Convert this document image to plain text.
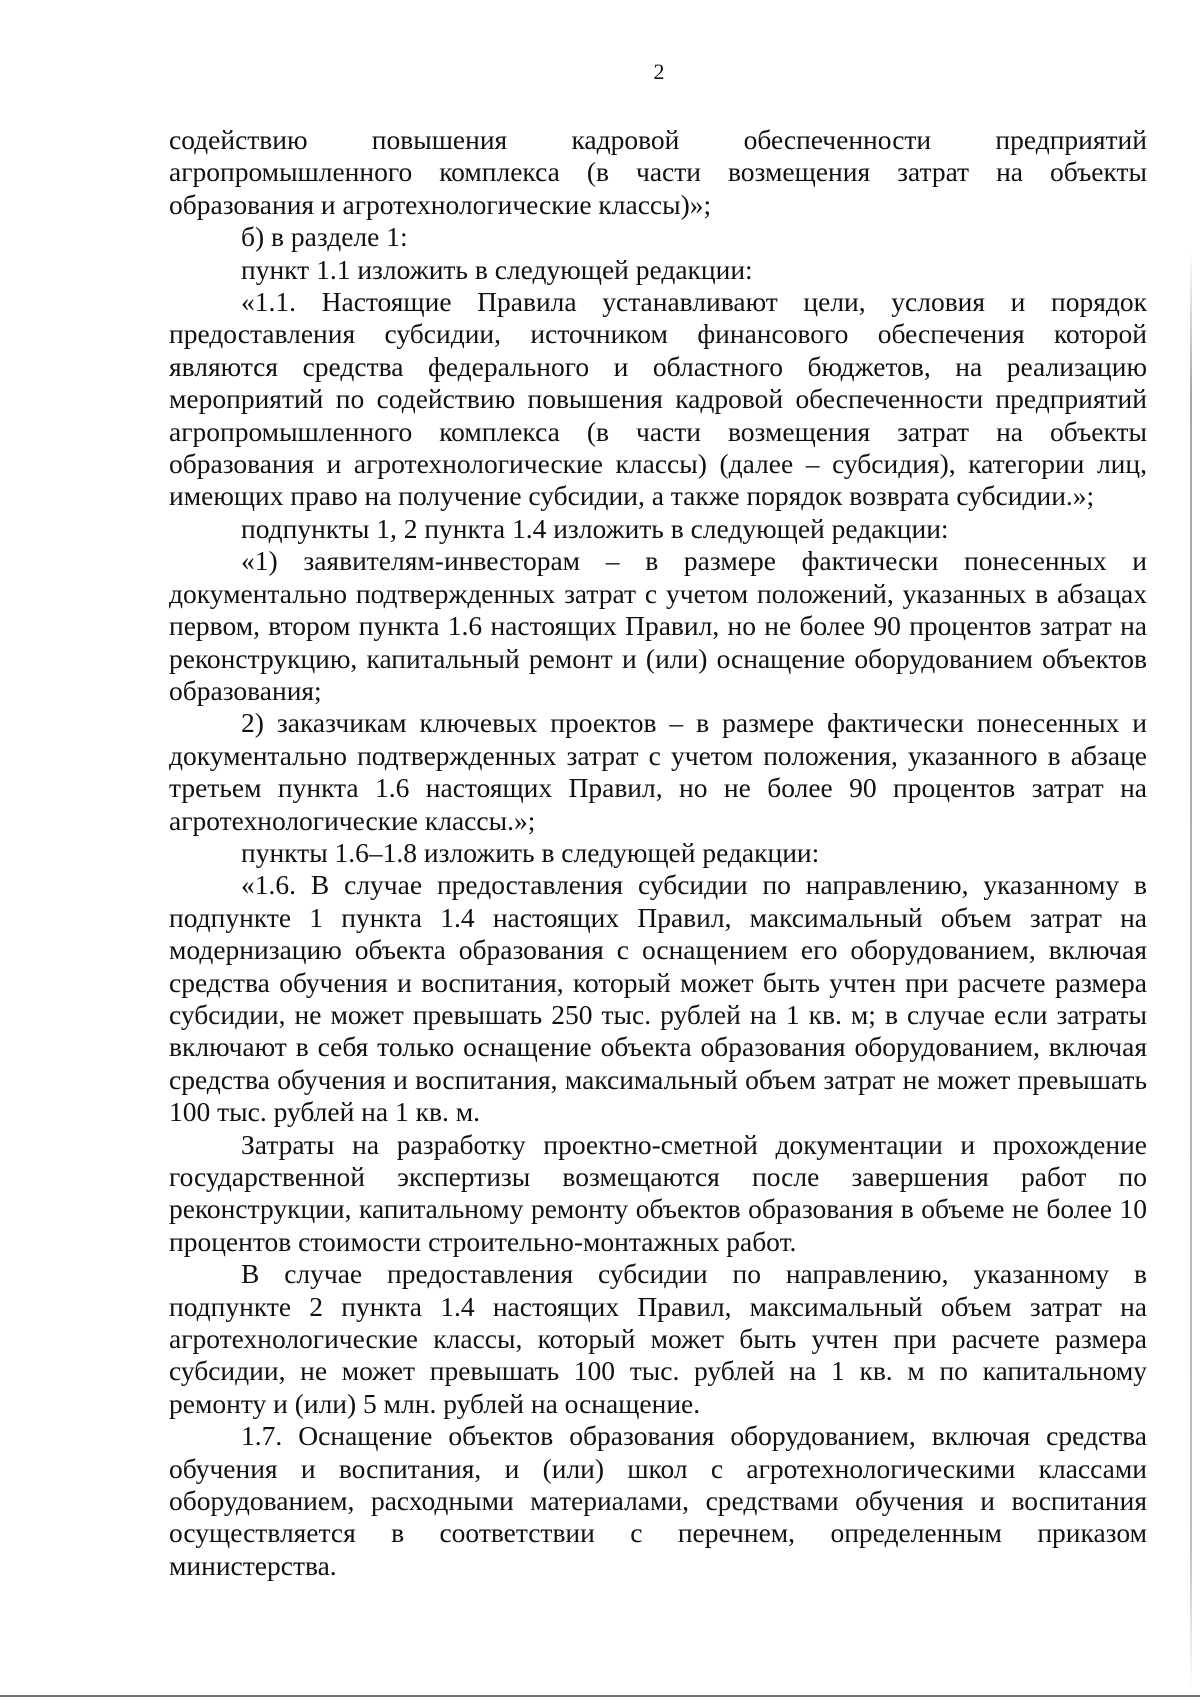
2

содействию повышения кадровой обеспеченности предприятий агропромышленного комплекса (в части возмещения затрат на объекты образования и агротехнологические классы)»;

б) в разделе 1:

пункт 1.1 изложить в следующей редакции:

«1.1. Настоящие Правила устанавливают цели, условия и порядок предоставления субсидии, источником финансового обеспечения которой являются средства федерального и областного бюджетов, на реализацию мероприятий по содействию повышения кадровой обеспеченности предприятий агропромышленного комплекса (в части возмещения затрат на объекты образования и агротехнологические классы) (далее – субсидия), категории лиц, имеющих право на получение субсидии, а также порядок возврата субсидии.»;

подпункты 1, 2 пункта 1.4 изложить в следующей редакции:

«1) заявителям-инвесторам – в размере фактически понесенных и документально подтвержденных затрат с учетом положений, указанных в абзацах первом, втором пункта 1.6 настоящих Правил, но не более 90 процентов затрат на реконструкцию, капитальный ремонт и (или) оснащение оборудованием объектов образования;

2) заказчикам ключевых проектов – в размере фактически понесенных и документально подтвержденных затрат с учетом положения, указанного в абзаце третьем пункта 1.6 настоящих Правил, но не более 90 процентов затрат на агротехнологические классы.»;

пункты 1.6–1.8 изложить в следующей редакции:

«1.6. В случае предоставления субсидии по направлению, указанному в подпункте 1 пункта 1.4 настоящих Правил, максимальный объем затрат на модернизацию объекта образования с оснащением его оборудованием, включая средства обучения и воспитания, который может быть учтен при расчете размера субсидии, не может превышать 250 тыс. рублей на 1 кв. м; в случае если затраты включают в себя только оснащение объекта образования оборудованием, включая средства обучения и воспитания, максимальный объем затрат не может превышать 100 тыс. рублей на 1 кв. м.

Затраты на разработку проектно-сметной документации и прохождение государственной экспертизы возмещаются после завершения работ по реконструкции, капитальному ремонту объектов образования в объеме не более 10 процентов стоимости строительно-монтажных работ.

В случае предоставления субсидии по направлению, указанному в подпункте 2 пункта 1.4 настоящих Правил, максимальный объем затрат на агротехнологические классы, который может быть учтен при расчете размера субсидии, не может превышать 100 тыс. рублей на 1 кв. м по капитальному ремонту и (или) 5 млн. рублей на оснащение.

1.7. Оснащение объектов образования оборудованием, включая средства обучения и воспитания, и (или) школ с агротехнологическими классами оборудованием, расходными материалами, средствами обучения и воспитания осуществляется в соответствии с перечнем, определенным приказом министерства.
